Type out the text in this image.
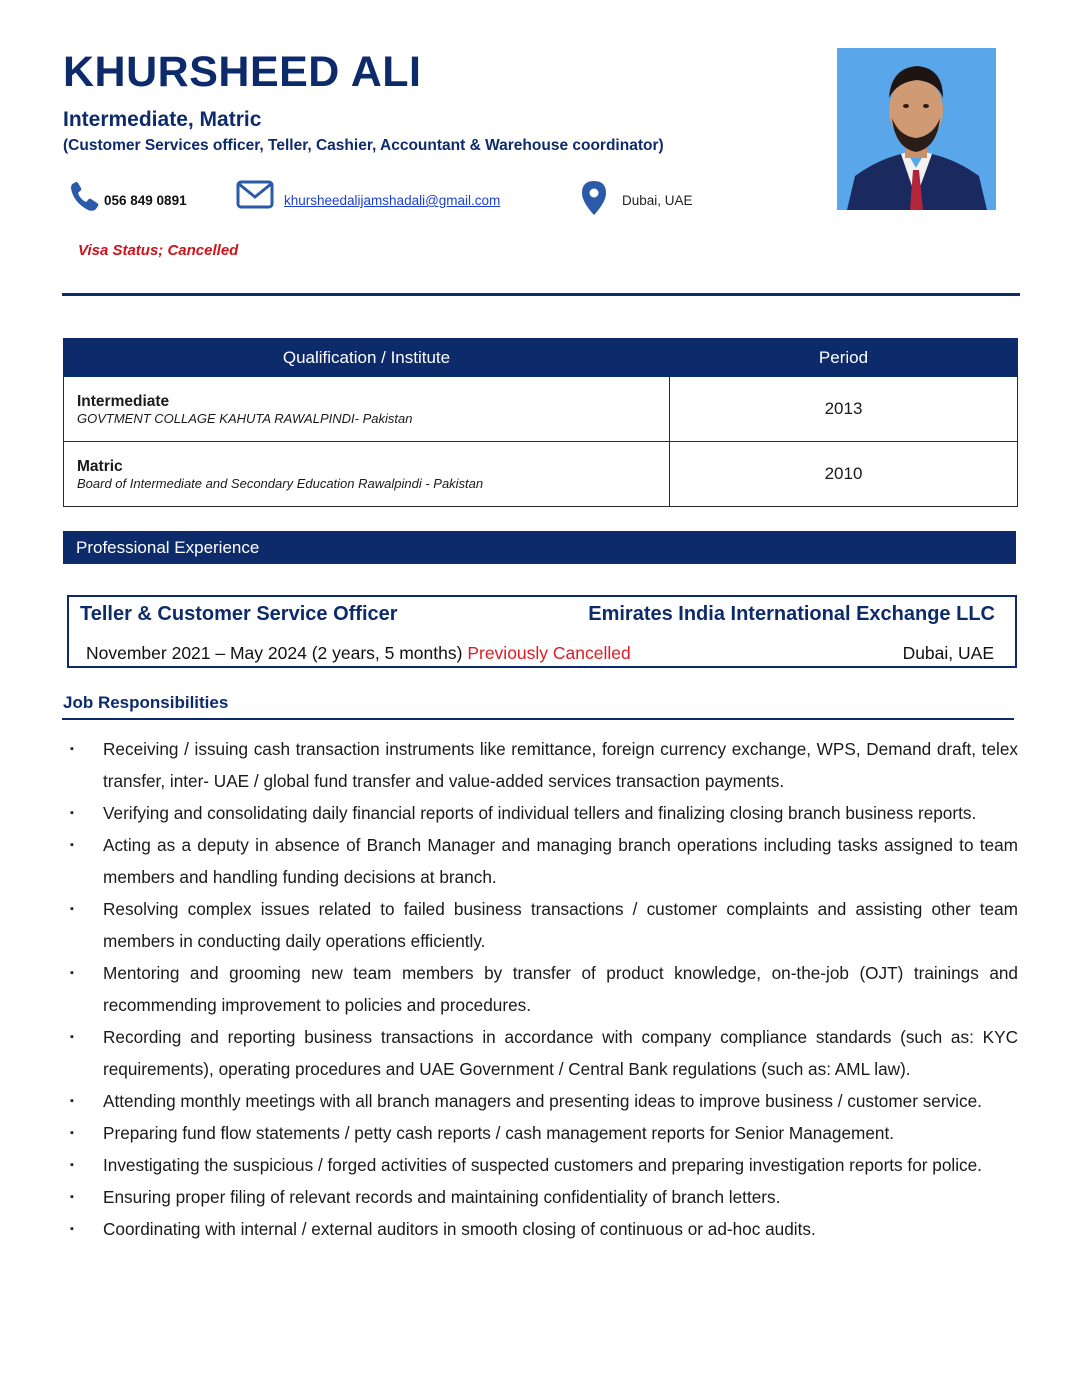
KHURSHEED ALI
Intermediate, Matric
(Customer Services officer, Teller, Cashier, Accountant & Warehouse coordinator)
056 849 0891	khursheedalijamshadali@gmail.com	Dubai, UAE
Visa Status; Cancelled
Qualification / Institute	Period

Intermediate
GOVTMENT COLLAGE KAHUTA RAWALPINDI- Pakistan	2013

Matric
Board of Intermediate and Secondary Education Rawalpindi - Pakistan	2010
Professional Experience
Teller & Customer Service Officer	Emirates India International Exchange LLC
November 2021 – May 2024 (2 years, 5 months) Previously Cancelled	Dubai, UAE
Job Responsibilities
▪ Receiving / issuing cash transaction instruments like remittance, foreign currency exchange, WPS, Demand draft, telex transfer, inter- UAE / global fund transfer and value-added services transaction payments.
▪ Verifying and consolidating daily financial reports of individual tellers and finalizing closing branch business reports.
▪ Acting as a deputy in absence of Branch Manager and managing branch operations including tasks assigned to team members and handling funding decisions at branch.
▪ Resolving complex issues related to failed business transactions / customer complaints and assisting other team members in conducting daily operations efficiently.
▪ Mentoring and grooming new team members by transfer of product knowledge, on-the-job (OJT) trainings and recommending improvement to policies and procedures.
▪ Recording and reporting business transactions in accordance with company compliance standards (such as: KYC requirements), operating procedures and UAE Government / Central Bank regulations (such as: AML law).
▪ Attending monthly meetings with all branch managers and presenting ideas to improve business / customer service.
▪ Preparing fund flow statements / petty cash reports / cash management reports for Senior Management.
▪ Investigating the suspicious / forged activities of suspected customers and preparing investigation reports for police.
▪ Ensuring proper filing of relevant records and maintaining confidentiality of branch letters.
▪ Coordinating with internal / external auditors in smooth closing of continuous or ad-hoc audits.
